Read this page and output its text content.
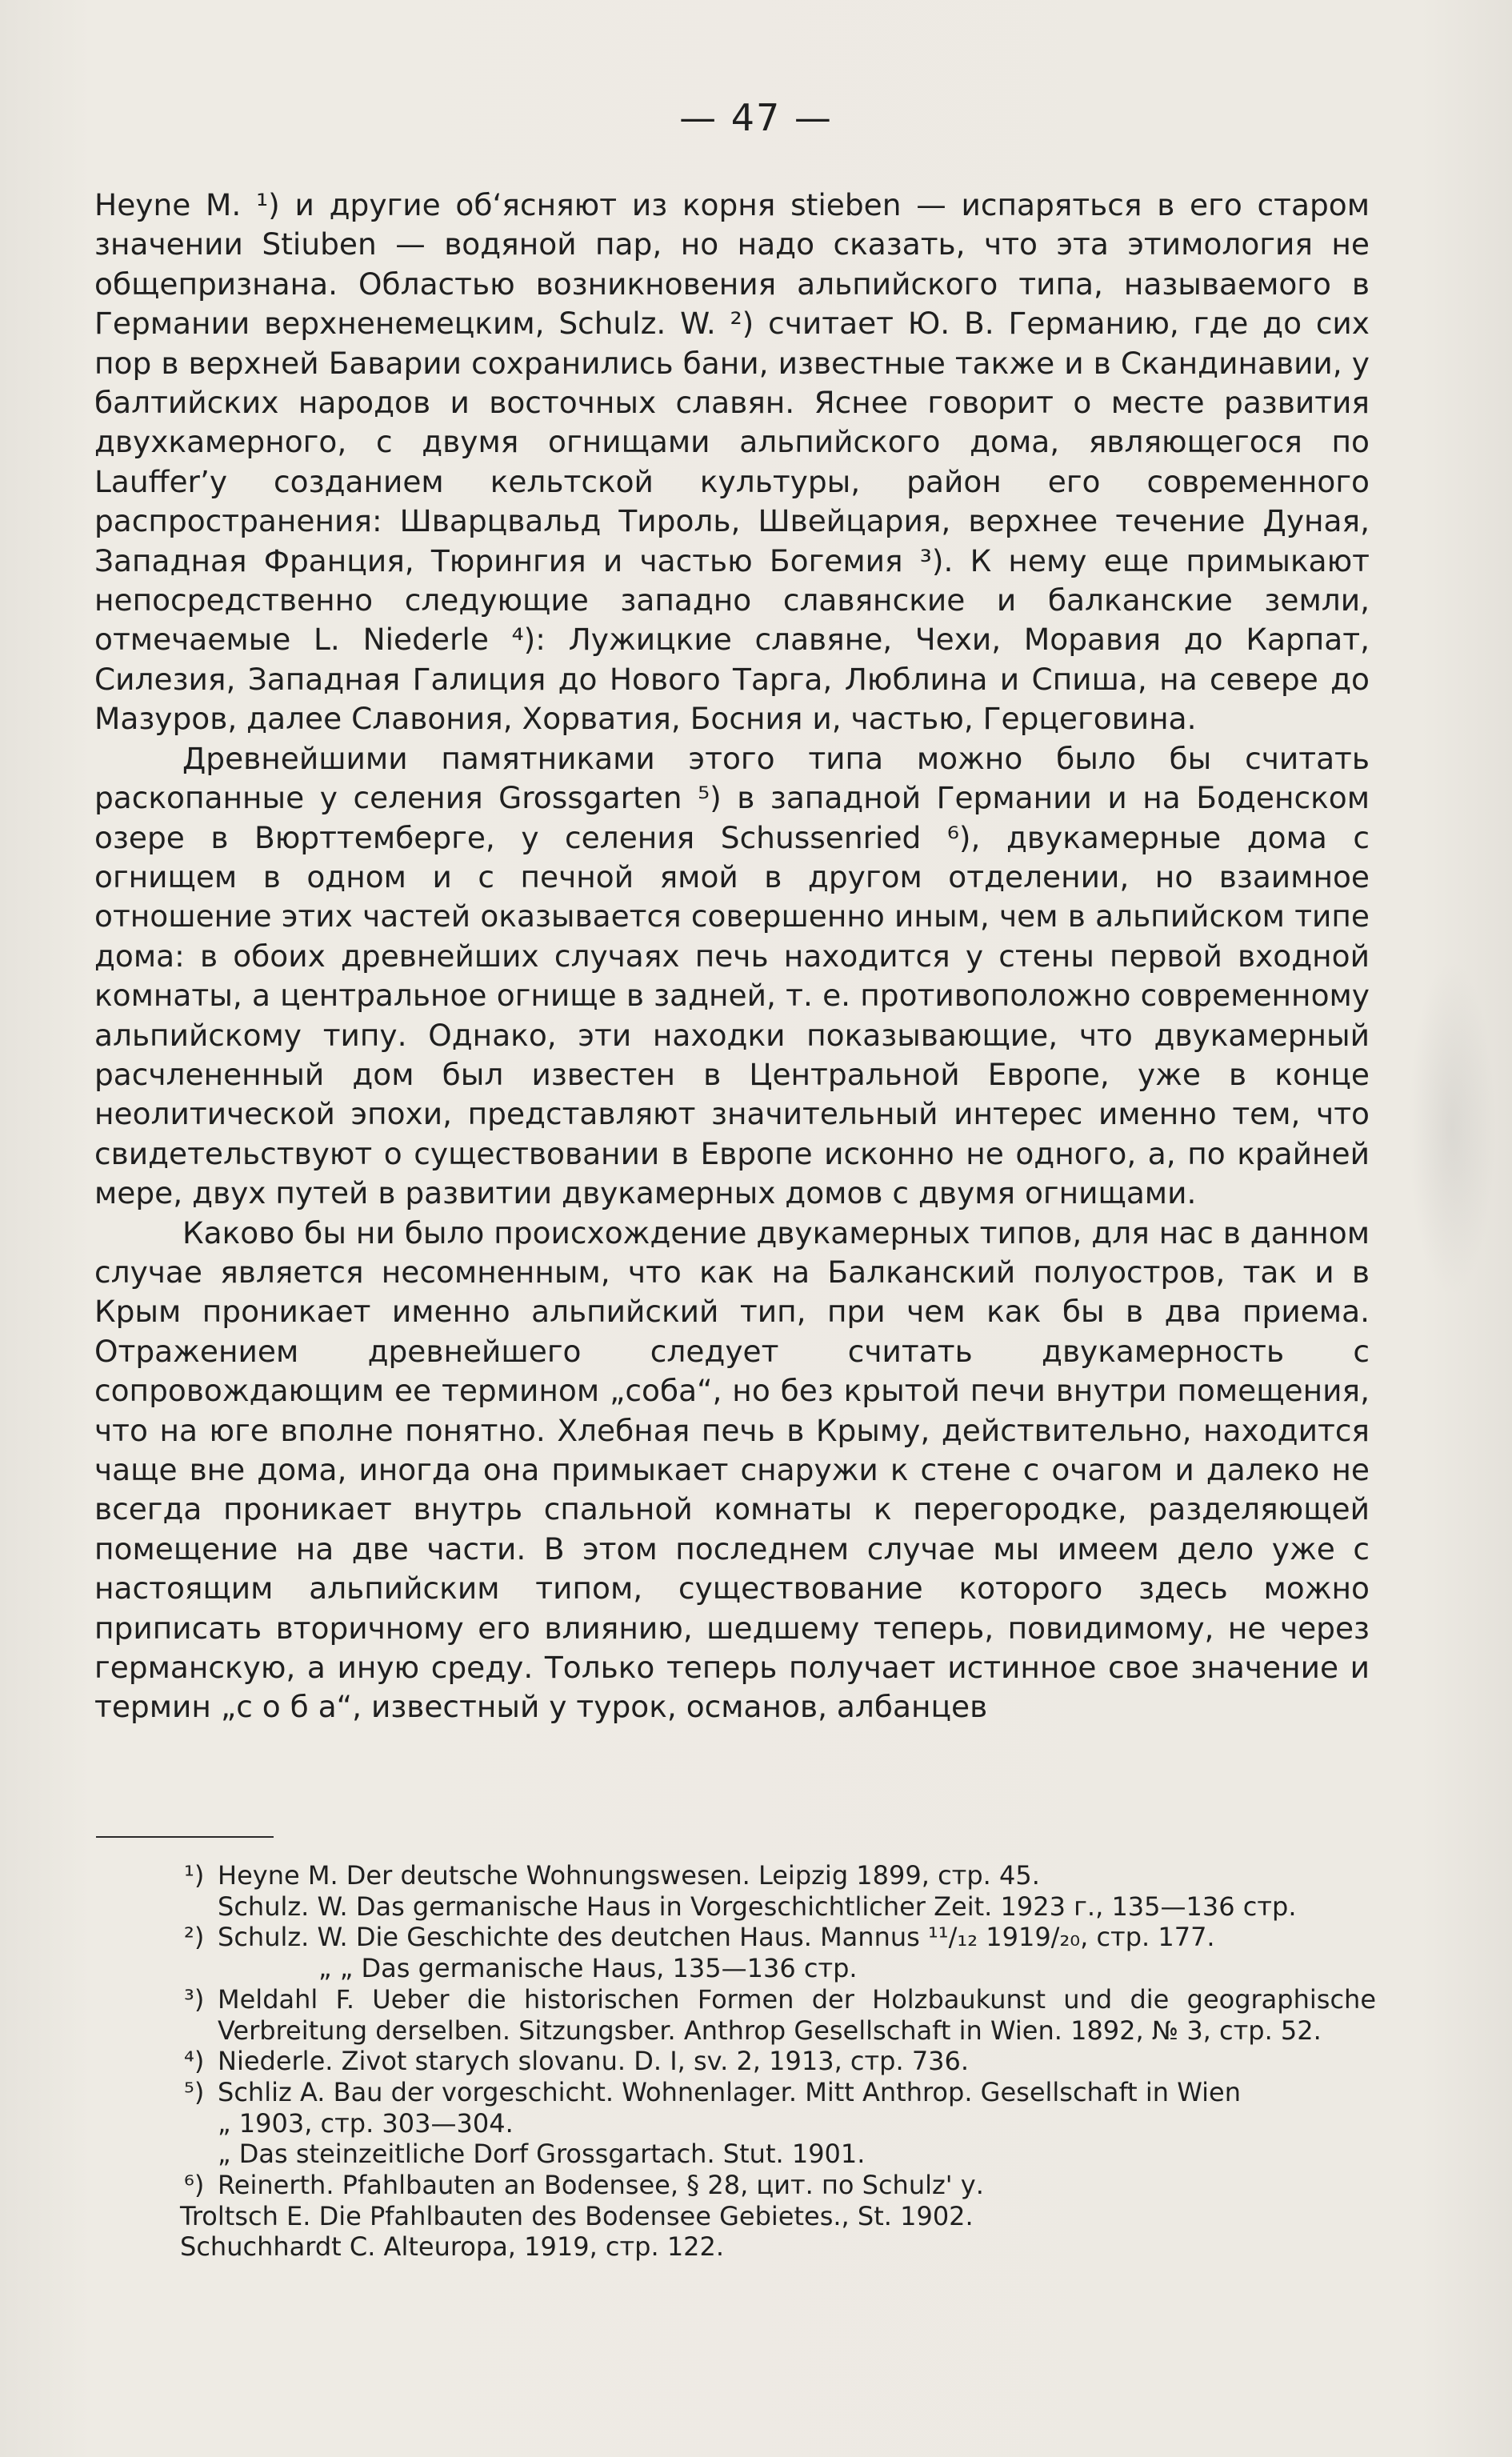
— 47 —

Heyne M. ¹) и другие об‘ясняют из корня stieben — испаряться в его старом значении Stiuben — водяной пар, но надо сказать, что эта этимология не общепризнана. Областью возникновения альпийского типа, называемого в Германии верхненемецким, Schulz. W. ²) считает Ю. В. Германию, где до сих пор в верхней Баварии сохранились бани, известные также и в Скандинавии, у балтийских народов и восточных славян. Яснее говорит о месте развития двухкамерного, с двумя огнищами альпийского дома, являющегося по Lauffer’у созданием кельтской культуры, район его современного распространения: Шварцвальд Тироль, Швейцария, верхнее течение Дуная, Западная Франция, Тюрингия и частью Богемия ³). К нему еще примыкают непосредственно следующие западно славянские и балканские земли, отмечаемые L. Niederle ⁴): Лужицкие славяне, Чехи, Моравия до Карпат, Силезия, Западная Галиция до Нового Тарга, Люблина и Спиша, на севере до Мазуров, далее Славония, Хорватия, Босния и, частью, Герцеговина.

Древнейшими памятниками этого типа можно было бы считать раскопанные у селения Grossgarten ⁵) в западной Германии и на Боденском озере в Вюрттемберге, у селения Schussenried ⁶), двукамерные дома с огнищем в одном и с печной ямой в другом отделении, но взаимное отношение этих частей оказывается совершенно иным, чем в альпийском типе дома: в обоих древнейших случаях печь находится у стены первой входной комнаты, а центральное огнище в задней, т. е. противоположно современному альпийскому типу. Однако, эти находки показывающие, что двукамерный расчлененный дом был известен в Центральной Европе, уже в конце неолитической эпохи, представляют значительный интерес именно тем, что свидетельствуют о существовании в Европе исконно не одного, а, по крайней мере, двух путей в развитии двукамерных домов с двумя огнищами.

Каково бы ни было происхождение двукамерных типов, для нас в данном случае является несомненным, что как на Балканский полуостров, так и в Крым проникает именно альпийский тип, при чем как бы в два приема. Отражением древнейшего следует считать двукамерность с сопровождающим ее термином „соба“, но без крытой печи внутри помещения, что на юге вполне понятно. Хлебная печь в Крыму, действительно, находится чаще вне дома, иногда она примыкает снаружи к стене с очагом и далеко не всегда проникает внутрь спальной комнаты к перегородке, разделяющей помещение на две части. В этом последнем случае мы имеем дело уже с настоящим альпийским типом, существование которого здесь можно приписать вторичному его влиянию, шедшему теперь, повидимому, не через германскую, а иную среду. Только теперь получает истинное свое значение и термин „с о б а“, известный у турок, османов, албанцев

¹) Heyne M. Der deutsche Wohnungswesen. Leipzig 1899, стр. 45.
Schulz. W. Das germanische Haus in Vorgeschichtlicher Zeit. 1923 г., 135—136 стр.
²) Schulz. W. Die Geschichte des deutchen Haus. Mannus ¹¹/₁₂ 1919/₂₀, стр. 177.
„ „ Das germanische Haus, 135—136 стр.
³) Meldahl F. Ueber die historischen Formen der Holzbaukunst und die geographische Verbreitung derselben. Sitzungsber. Anthrop Gesellschaft in Wien. 1892, № 3, стр. 52.
⁴) Niederle. Zivot starych slovanu. D. I, sv. 2, 1913, стр. 736.
⁵) Schliz A. Bau der vorgeschicht. Wohnenlager. Mitt Anthrop. Gesellschaft in Wien
„ 1903, стр. 303—304.
„ Das steinzeitliche Dorf Grossgartach. Stut. 1901.
⁶) Reinerth. Pfahlbauten an Bodensee, § 28, цит. по Schulz' у.
Troltsch E. Die Pfahlbauten des Bodensee Gebietes., St. 1902.
Schuchhardt C. Alteuropa, 1919, стр. 122.
